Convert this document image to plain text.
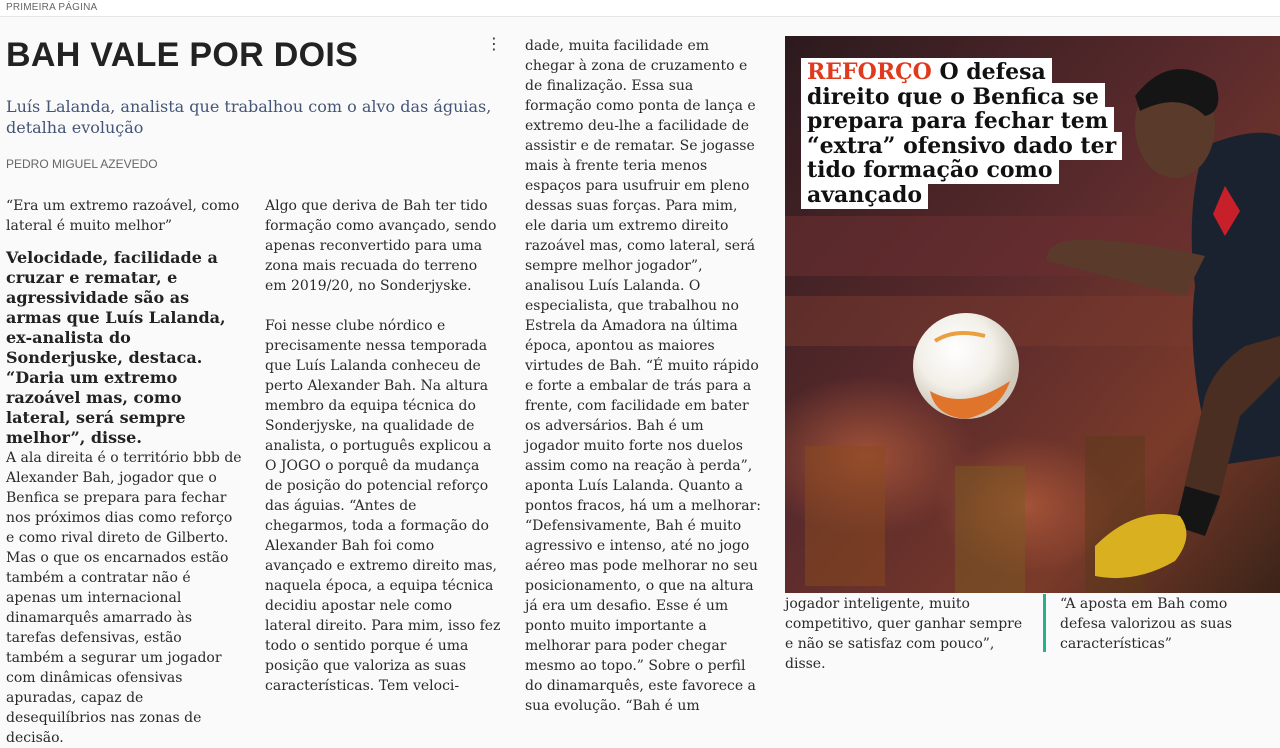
PRIMEIRA PÁGINA
BAH VALE POR DOIS	⋮

Luís Lalanda, analista que trabalhou com o alvo das águias, detalha evolução

PEDRO MIGUEL AZEVEDO

“Era um extremo razoável, como lateral é muito melhor”

Velocidade, facilidade a cruzar e rematar, e agressividade são as armas que Luís Lalanda, ex-analista do Sonderjuske, destaca. “Daria um extremo razoável mas, como lateral, será sempre melhor”, disse.

A ala direita é o território bbb de Alexander Bah, jogador que o Benfica se prepara para fechar nos próximos dias como reforço e como rival direto de Gilberto. Mas o que os encarnados estão também a contratar não é apenas um internacional dinamarquês amarrado às tarefas defensivas, estão também a segurar um jogador com dinâmicas ofensivas apuradas, capaz de desequilíbrios nas zonas de decisão.

Algo que deriva de Bah ter tido formação como avançado, sendo apenas reconvertido para uma zona mais recuada do terreno em 2019/20, no Sonderjyske.

Foi nesse clube nórdico e precisamente nessa temporada que Luís Lalanda conheceu de perto Alexander Bah. Na altura membro da equipa técnica do Sonderjyske, na qualidade de analista, o português explicou a O JOGO o porquê da mudança de posição do potencial reforço das águias. “Antes de chegarmos, toda a formação do Alexander Bah foi como avançado e extremo direito mas, naquela época, a equipa técnica decidiu apostar nele como lateral direito. Para mim, isso fez todo o sentido porque é uma posição que valoriza as suas características. Tem veloci-

dade, muita facilidade em chegar à zona de cruzamento e de finalização. Essa sua formação como ponta de lança e extremo deu-lhe a facilidade de assistir e de rematar. Se jogasse mais à frente teria menos espaços para usufruir em pleno dessas suas forças. Para mim, ele daria um extremo direito razoável mas, como lateral, será sempre melhor jogador”, analisou Luís Lalanda. O especialista, que trabalhou no Estrela da Amadora na última época, apontou as maiores virtudes de Bah. “É muito rápido e forte a embalar de trás para a frente, com facilidade em bater os adversários. Bah é um jogador muito forte nos duelos assim como na reação à perda”, aponta Luís Lalanda. Quanto a pontos fracos, há um a melhorar: “Defensivamente, Bah é muito agressivo e intenso, até no jogo aéreo mas pode melhorar no seu posicionamento, o que na altura já era um desafio. Esse é um ponto muito importante a melhorar para poder chegar mesmo ao topo.” Sobre o perfil do dinamarquês, este favorece a sua evolução. “Bah é um

REFORÇO O defesa direito que o Benfica se prepara para fechar tem “extra” ofensivo dado ter tido formação como avançado

jogador inteligente, muito competitivo, quer ganhar sempre e não se satisfaz com pouco”, disse.

“A aposta em Bah como defesa valorizou as suas características”
